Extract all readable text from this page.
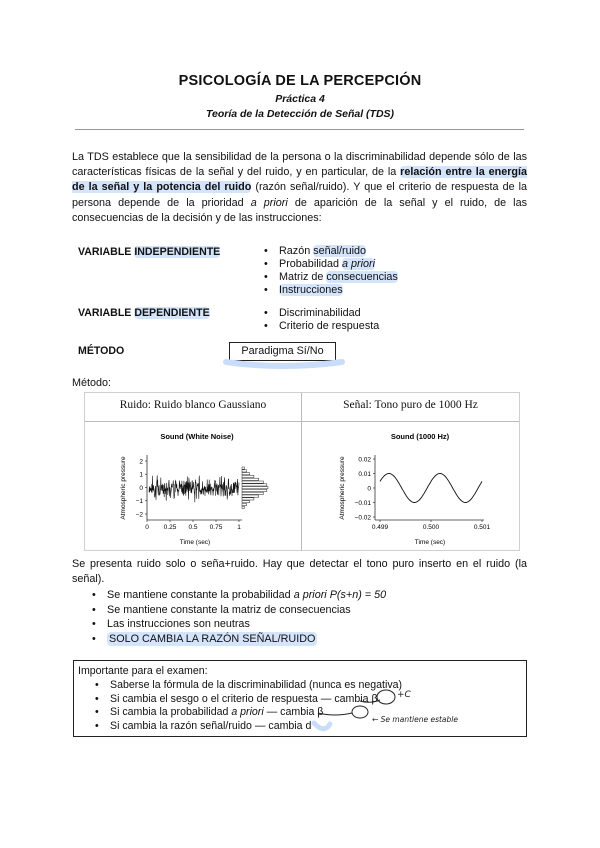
PSICOLOGÍA DE LA PERCEPCIÓN
Práctica 4
Teoría de la Detección de Señal (TDS)
La TDS establece que la sensibilidad de la persona o la discriminabilidad depende sólo de las características físicas de la señal y del ruido, y en particular, de la relación entre la energía de la señal y la potencia del ruido (razón señal/ruido). Y que el criterio de respuesta de la persona depende de la prioridad a priori de aparición de la señal y el ruido, de las consecuencias de la decisión y de las instrucciones:
VARIABLE INDEPENDIENTE	• Razón señal/ruido
• Probabilidad a priori
• Matriz de consecuencias
• Instrucciones
VARIABLE DEPENDIENTE	• Discriminabilidad
• Criterio de respuesta
MÉTODO	Paradigma Sí/No
Método:
Ruido: Ruido blanco Gaussiano	Señal: Tono puro de 1000 Hz
Sound (White Noise)
Atmospheric pressure 2
1
0
−1
−2
0 0.25 0.5 0.75 1
Time (sec)
Sound (1000 Hz)
Atmospheric pressure 0.02
0.01
0
−0.01
−0.02
0.499	0.500	0.501
Time (sec)
Se presenta ruido solo o seña+ruido. Hay que detectar el tono puro inserto en el ruido (la señal).
• Se mantiene constante la probabilidad a priori P(s+n) = 50
• Se mantiene constante la matriz de consecuencias
• Las instrucciones son neutras
• SOLO CAMBIA LA RAZÓN SEÑAL/RUIDO
Importante para el examen:
• Saberse la fórmula de la discriminabilidad (nunca es negativa)
• Si cambia el sesgo o el criterio de respuesta — cambia β
• Si cambia la probabilidad a priori — cambia β
• Si cambia la razón señal/ruido — cambia d’
+C
← Se mantiene estable
